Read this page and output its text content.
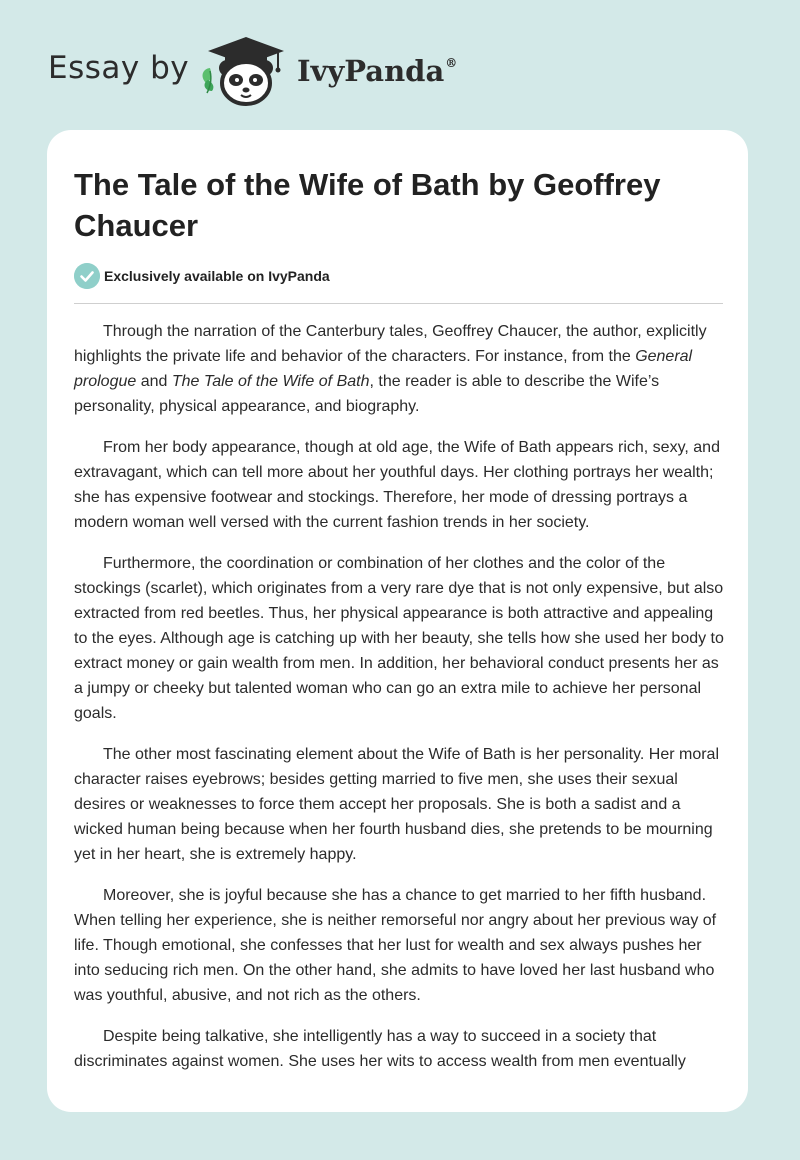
Essay by	IvyPanda®
The Tale of the Wife of Bath by Geoffrey Chaucer
Exclusively available on IvyPanda

Through the narration of the Canterbury tales, Geoffrey Chaucer, the author, explicitly highlights the private life and behavior of the characters. For instance, from the General prologue and The Tale of the Wife of Bath, the reader is able to describe the Wife’s personality, physical appearance, and biography.

From her body appearance, though at old age, the Wife of Bath appears rich, sexy, and extravagant, which can tell more about her youthful days. Her clothing portrays her wealth; she has expensive footwear and stockings. Therefore, her mode of dressing portrays a modern woman well versed with the current fashion trends in her society.

Furthermore, the coordination or combination of her clothes and the color of the stockings (scarlet), which originates from a very rare dye that is not only expensive, but also extracted from red beetles. Thus, her physical appearance is both attractive and appealing to the eyes. Although age is catching up with her beauty, she tells how she used her body to extract money or gain wealth from men. In addition, her behavioral conduct presents her as a jumpy or cheeky but talented woman who can go an extra mile to achieve her personal goals.

The other most fascinating element about the Wife of Bath is her personality. Her moral character raises eyebrows; besides getting married to five men, she uses their sexual desires or weaknesses to force them accept her proposals. She is both a sadist and a wicked human being because when her fourth husband dies, she pretends to be mourning yet in her heart, she is extremely happy.

Moreover, she is joyful because she has a chance to get married to her fifth husband. When telling her experience, she is neither remorseful nor angry about her previous way of life. Though emotional, she confesses that her lust for wealth and sex always pushes her into seducing rich men. On the other hand, she admits to have loved her last husband who was youthful, abusive, and not rich as the others.

Despite being talkative, she intelligently has a way to succeed in a society that discriminates against women. She uses her wits to access wealth from men eventually
